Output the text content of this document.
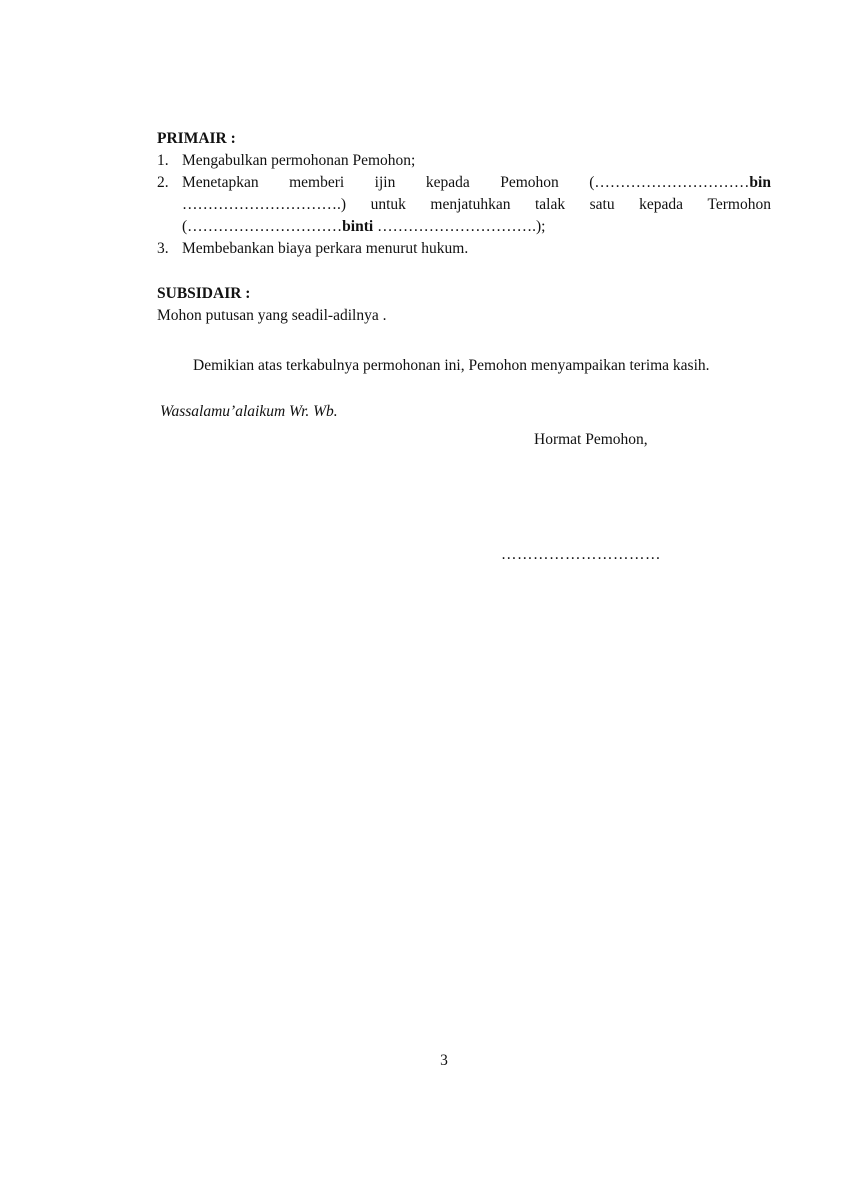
PRIMAIR :
1. Mengabulkan permohonan Pemohon;
2. Menetapkan memberi ijin kepada Pemohon (…………………………bin
………………………….) untuk menjatuhkan talak satu kepada Termohon
(…………………………binti ………………………….);
3. Membebankan biaya perkara menurut hukum.
SUBSIDAIR :
Mohon putusan yang seadil-adilnya .
Demikian atas terkabulnya permohonan ini, Pemohon menyampaikan terima kasih.
Wassalamu’alaikum Wr. Wb.
Hormat Pemohon,
…………………………
3
